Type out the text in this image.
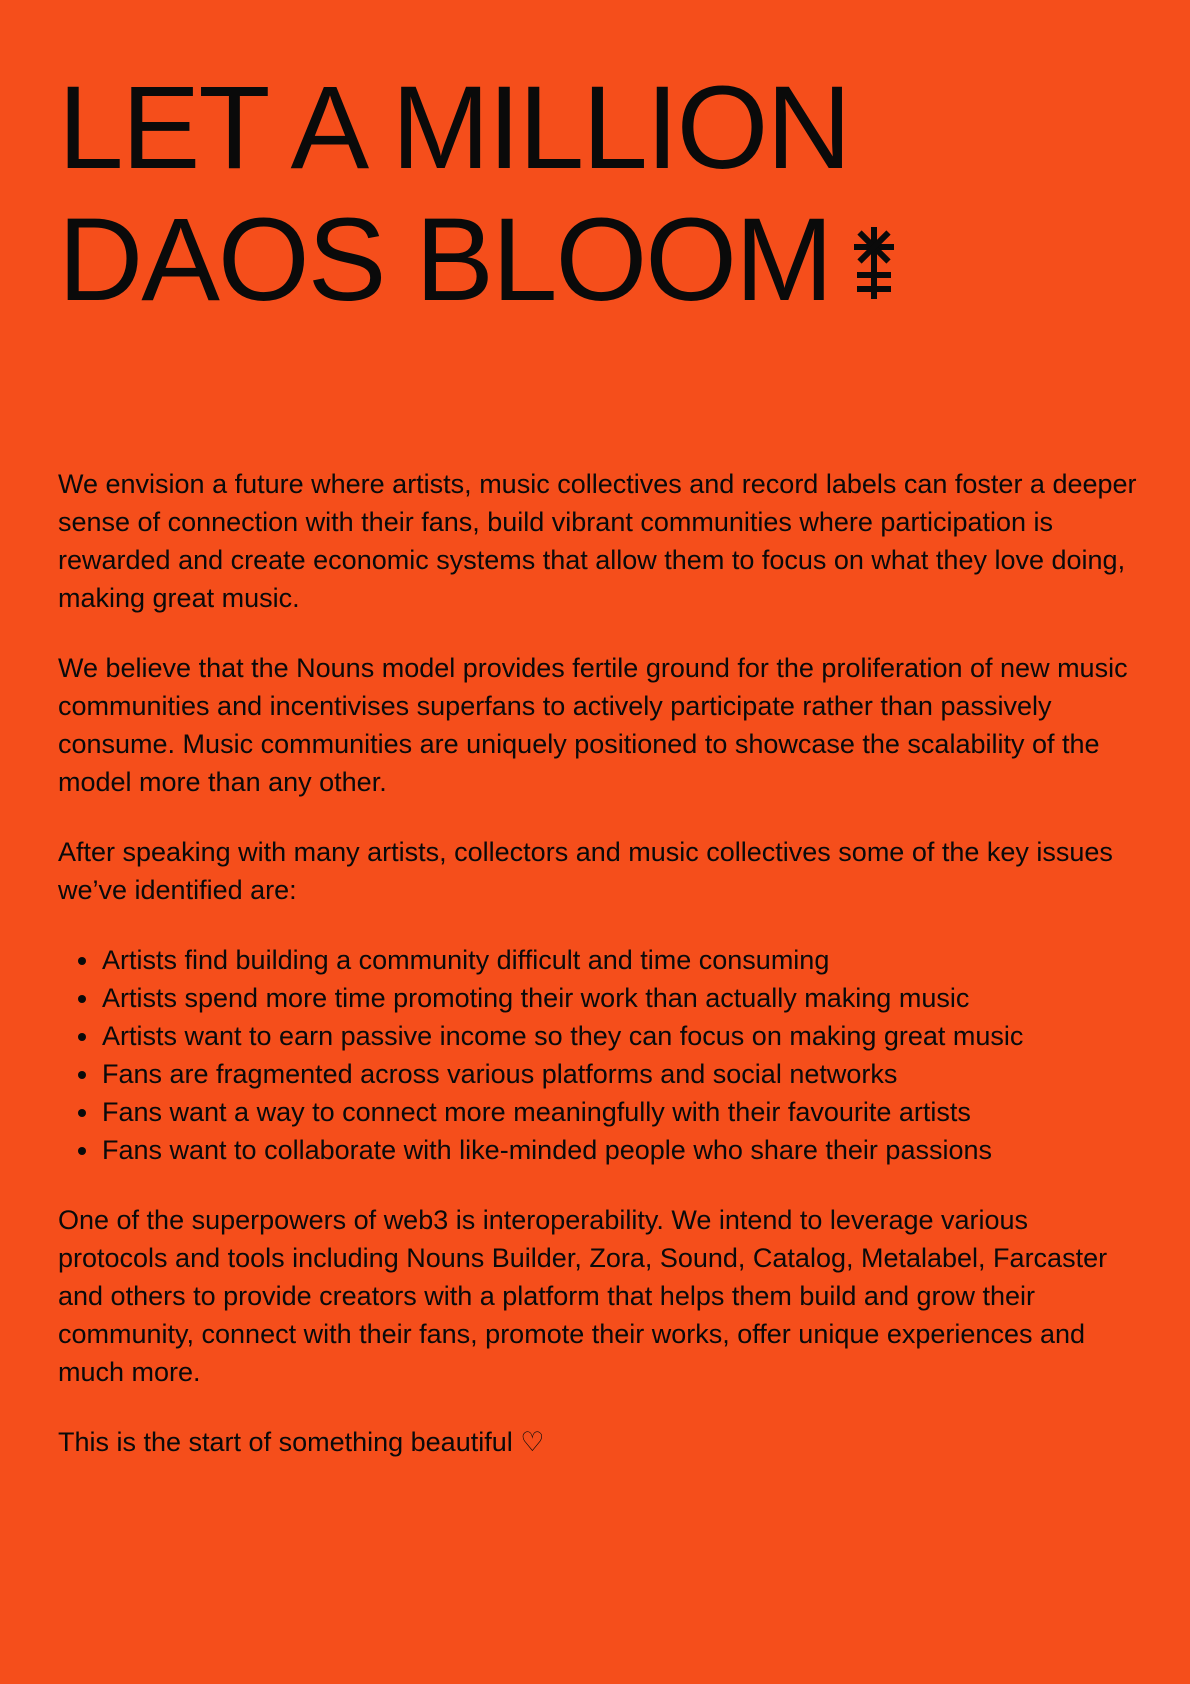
LET A MILLION
DAOS BLOOM

We envision a future where artists, music collectives and record labels can foster a deeper sense of connection with their fans, build vibrant communities where participation is rewarded and create economic systems that allow them to focus on what they love doing, making great music.

We believe that the Nouns model provides fertile ground for the proliferation of new music communities and incentivises superfans to actively participate rather than passively consume. Music communities are uniquely positioned to showcase the scalability of the model more than any other.

After speaking with many artists, collectors and music collectives some of the key issues we’ve identified are:

Artists find building a community difficult and time consuming
Artists spend more time promoting their work than actually making music
Artists want to earn passive income so they can focus on making great music
Fans are fragmented across various platforms and social networks
Fans want a way to connect more meaningfully with their favourite artists
Fans want to collaborate with like-minded people who share their passions

One of the superpowers of web3 is interoperability. We intend to leverage various protocols and tools including Nouns Builder, Zora, Sound, Catalog, Metalabel, Farcaster and others to provide creators with a platform that helps them build and grow their community, connect with their fans, promote their works, offer unique experiences and much more.

This is the start of something beautiful ♡
